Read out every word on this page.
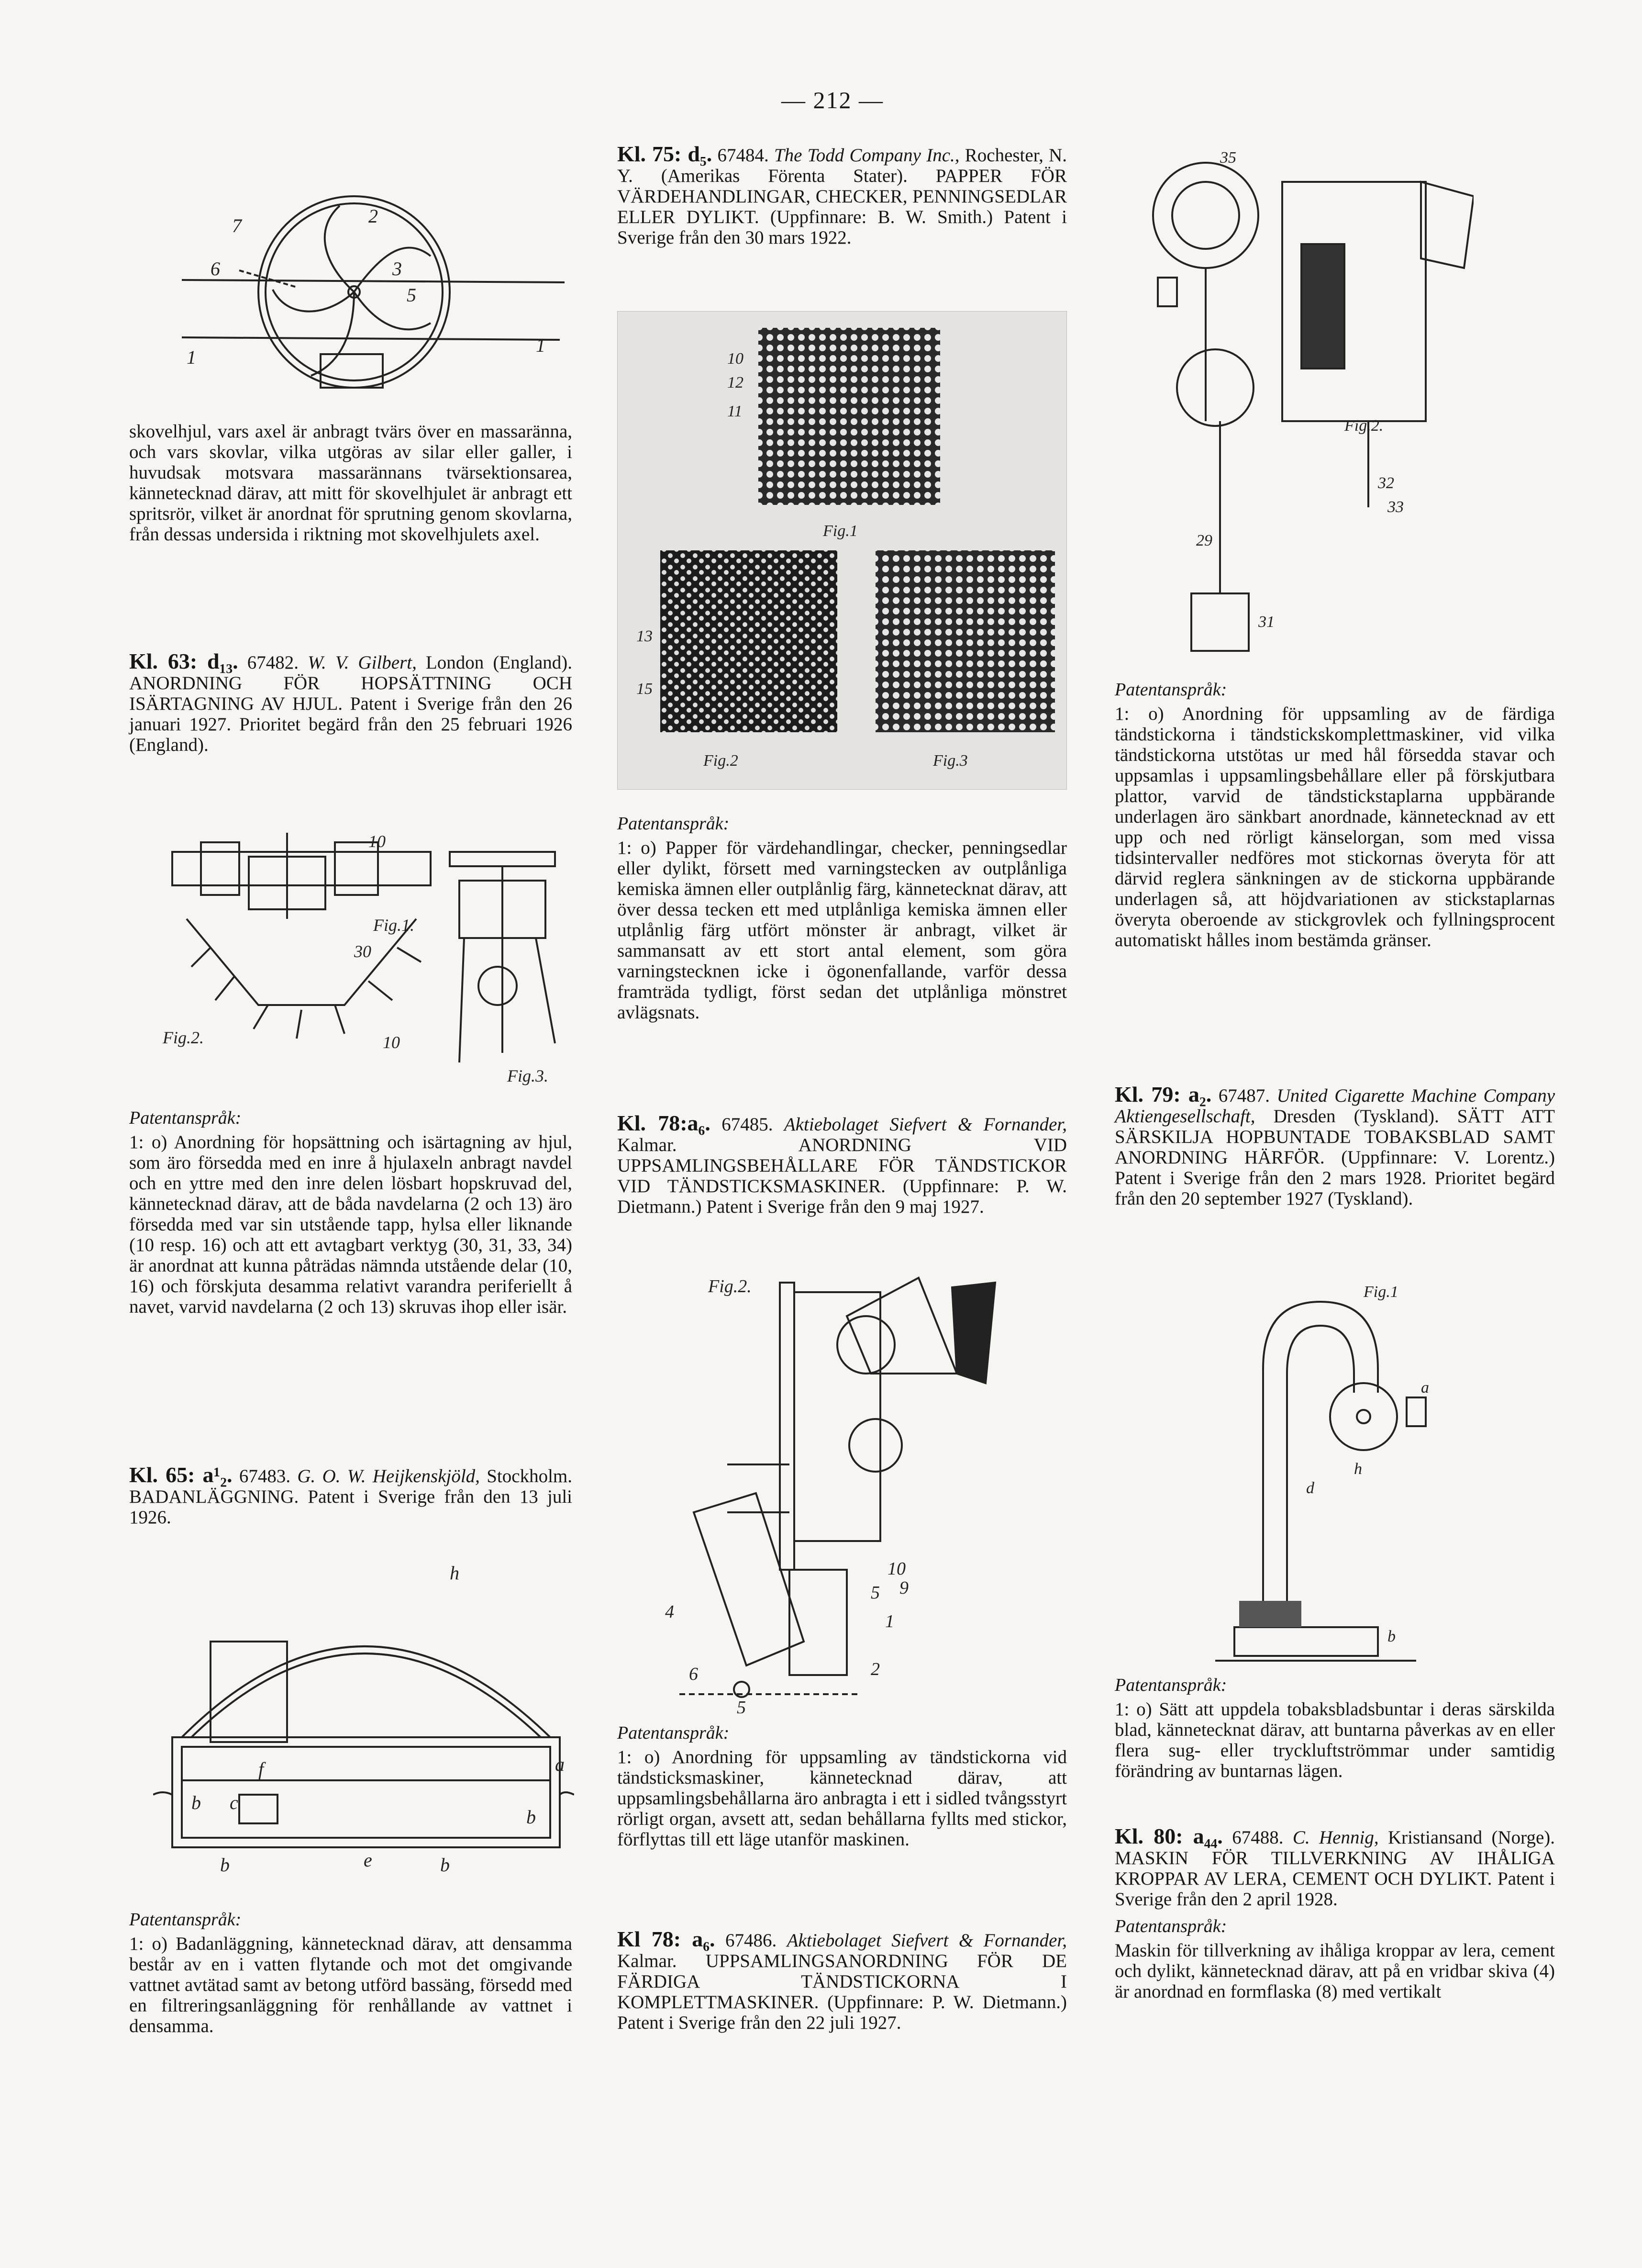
— 212 —
7	2
3
5
6
1
1

skovelhjul, vars axel är anbragt tvärs över en massaränna, och vars skovlar, vilka utgöras av silar eller galler, i huvudsak motsvara massarännans tvärsektionsarea, kännetecknad därav, att mitt för skovelhjulet är anbragt ett spritsrör, vilket är anordnat för sprutning genom skovlarna, från dessas undersida i riktning mot skovelhjulets axel.

Kl. 63: d₁₃. 67482. W. V. Gilbert, London (England). ANORDNING FÖR HOPSÄTTNING OCH ISÄRTAGNING AV HJUL. Patent i Sverige från den 26 januari 1927. Prioritet begärd från den 25 februari 1926 (England).

10
Fig.1.
30
10
Fig.2.
Fig.3.

Patentanspråk:

1: o) Anordning för hopsättning och isärtagning av hjul, som äro försedda med en inre å hjulaxeln anbragt navdel och en yttre med den inre delen lösbart hopskruvad del, kännetecknad därav, att de båda navdelarna (2 och 13) äro försedda med var sin utstående tapp, hylsa eller liknande (10 resp. 16) och att ett avtagbart verktyg (30, 31, 33, 34) är anordnat att kunna påträdas nämnda utstående delar (10, 16) och förskjuta desamma relativt varandra periferiellt å navet, varvid navdelarna (2 och 13) skruvas ihop eller isär.

Kl. 65: a¹₂. 67483. G. O. W. Heijkenskjöld, Stockholm. BADANLÄGGNING. Patent i Sverige från den 13 juli 1926.

h
a
f
c
b
b	e	b
b

Patentanspråk:

1: o) Badanläggning, kännetecknad därav, att densamma består av en i vatten flytande och mot det omgivande vattnet avtätad samt av betong utförd bassäng, försedd med en filtreringsanläggning för renhållande av vattnet i densamma.

Kl. 75: d₅. 67484. The Todd Company Inc., Rochester, N. Y. (Amerikas Förenta Stater). PAPPER FÖR VÄRDEHANDLINGAR, CHECKER, PENNINGSEDLAR ELLER DYLIKT. (Uppfinnare: B. W. Smith.) Patent i Sverige från den 30 mars 1922.

10
12
11
Fig.1
13
15
Fig.2	Fig.3

Patentanspråk:

1: o) Papper för värdehandlingar, checker, penningsedlar eller dylikt, försett med varningstecken av outplånliga kemiska ämnen eller outplånlig färg, kännetecknat därav, att över dessa tecken ett med utplånliga kemiska ämnen eller utplånlig färg utfört mönster är anbragt, vilket är sammansatt av ett stort antal element, som göra varningstecknen icke i ögonenfallande, varför dessa framträda tydligt, först sedan det utplånliga mönstret avlägsnats.

Kl. 78:a₆. 67485. Aktiebolaget Siefvert & Fornander, Kalmar. ANORDNING VID UPPSAMLINGSBEHÅLLARE FÖR TÄNDSTICKOR VID TÄNDSTICKSMASKINER. (Uppfinnare: P. W. Dietmann.) Patent i Sverige från den 9 maj 1927.

Fig.2.
10
9
5
1
4
2
6
5

Patentanspråk:

1: o) Anordning för uppsamling av tändstickorna vid tändsticksmaskiner, kännetecknad därav, att uppsamlingsbehållarna äro anbragta i ett i sidled tvångsstyrt rörligt organ, avsett att, sedan behållarna fyllts med stickor, förflyttas till ett läge utanför maskinen.

Kl 78: a₆. 67486. Aktiebolaget Siefvert & Fornander, Kalmar. UPPSAMLINGSANORDNING FÖR DE FÄRDIGA TÄNDSTICKORNA I KOMPLETTMASKINER. (Uppfinnare: P. W. Dietmann.) Patent i Sverige från den 22 juli 1927.

35
Fig.2.
32
33
29
31

Patentanspråk:

1: o) Anordning för uppsamling av de färdiga tändstickorna i tändstickskomplettmaskiner, vid vilka tändstickorna utstötas ur med hål försedda stavar och uppsamlas i uppsamlingsbehållare eller på förskjutbara plattor, varvid de tändstickstaplarna uppbärande underlagen äro sänkbart anordnade, kännetecknad av ett upp och ned rörligt känselorgan, som med vissa tidsintervaller nedföres mot stickornas överyta för att därvid reglera sänkningen av de stickorna uppbärande underlagen så, att höjdvariationen av stickstaplarnas överyta oberoende av stickgrovlek och fyllningsprocent automatiskt hålles inom bestämda gränser.

Kl. 79: a₂. 67487. United Cigarette Machine Company Aktiengesellschaft, Dresden (Tyskland). SÄTT ATT SÄRSKILJA HOPBUNTADE TOBAKSBLAD SAMT ANORDNING HÄRFÖR. (Uppfinnare: V. Lorentz.) Patent i Sverige från den 2 mars 1928. Prioritet begärd från den 20 september 1927 (Tyskland).

Fig.1
a
d
h
b

Patentanspråk:

1: o) Sätt att uppdela tobaksbladsbuntar i deras särskilda blad, kännetecknat därav, att buntarna påverkas av en eller flera sug- eller tryckluftströmmar under samtidig förändring av buntarnas lägen.

Kl. 80: a₄₄. 67488. C. Hennig, Kristiansand (Norge). MASKIN FÖR TILLVERKNING AV IHÅLIGA KROPPAR AV LERA, CEMENT OCH DYLIKT. Patent i Sverige från den 2 april 1928.

Patentanspråk:

Maskin för tillverkning av ihåliga kroppar av lera, cement och dylikt, kännetecknad därav, att på en vridbar skiva (4) är anordnad en formflaska (8) med vertikalt
